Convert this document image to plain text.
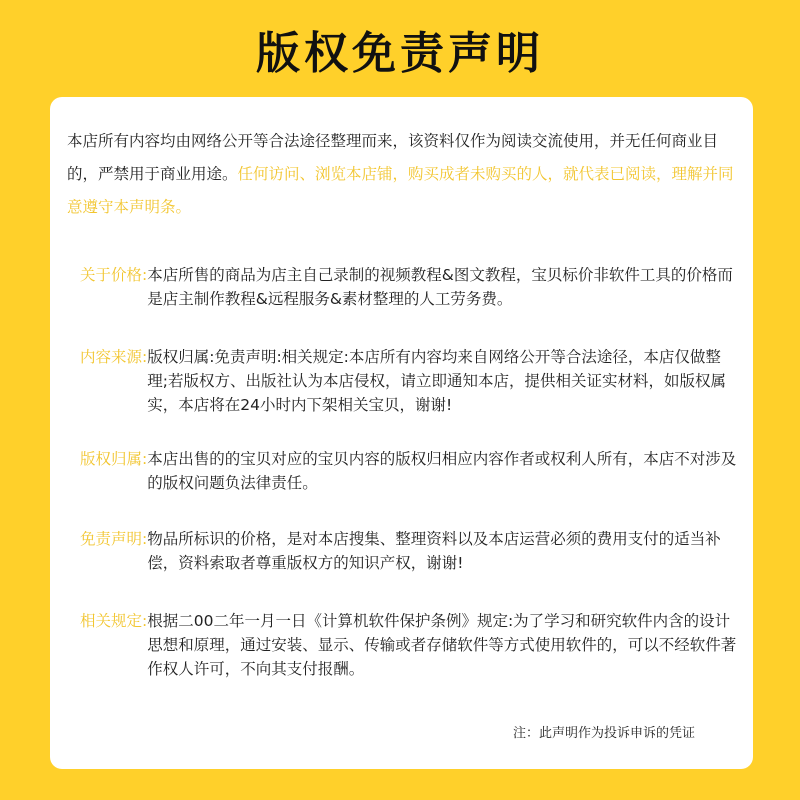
版权免责声明
本店所有内容均由网络公开等合法途径整理而来，该资料仅作为阅读交流使用，并无任何商业目的，严禁用于商业用途。任何访问、浏览本店铺，购买成者未购买的人，就代表已阅读，理解并同意遵守本声明条。
关于价格: 本店所售的商品为店主自己录制的视频教程&图文教程，宝贝标价非软件工具的价格而是店主制作教程&远程服务&素材整理的人工劳务费。
内容来源: 版权归属:免责声明:相关规定:本店所有内容均来自网络公开等合法途径，本店仅做整理;若版权方、出版社认为本店侵权，请立即通知本店，提供相关证实材料，如版权属实，本店将在24小时内下架相关宝贝，谢谢!
版权归属: 本店出售的的宝贝对应的宝贝内容的版权归相应内容作者或权利人所有，本店不对涉及的版权问题负法律责任。
免责声明: 物品所标识的价格，是对本店搜集、整理资料以及本店运营必须的费用支付的适当补偿，资料索取者尊重版权方的知识产权，谢谢!
相关规定: 根据二00二年一月一日《计算机软件保护条例》规定:为了学习和研究软件内含的设计思想和原理，通过安装、显示、传输或者存储软件等方式使用软件的，可以不经软件著作权人许可，不向其支付报酬。
注：此声明作为投诉申诉的凭证
